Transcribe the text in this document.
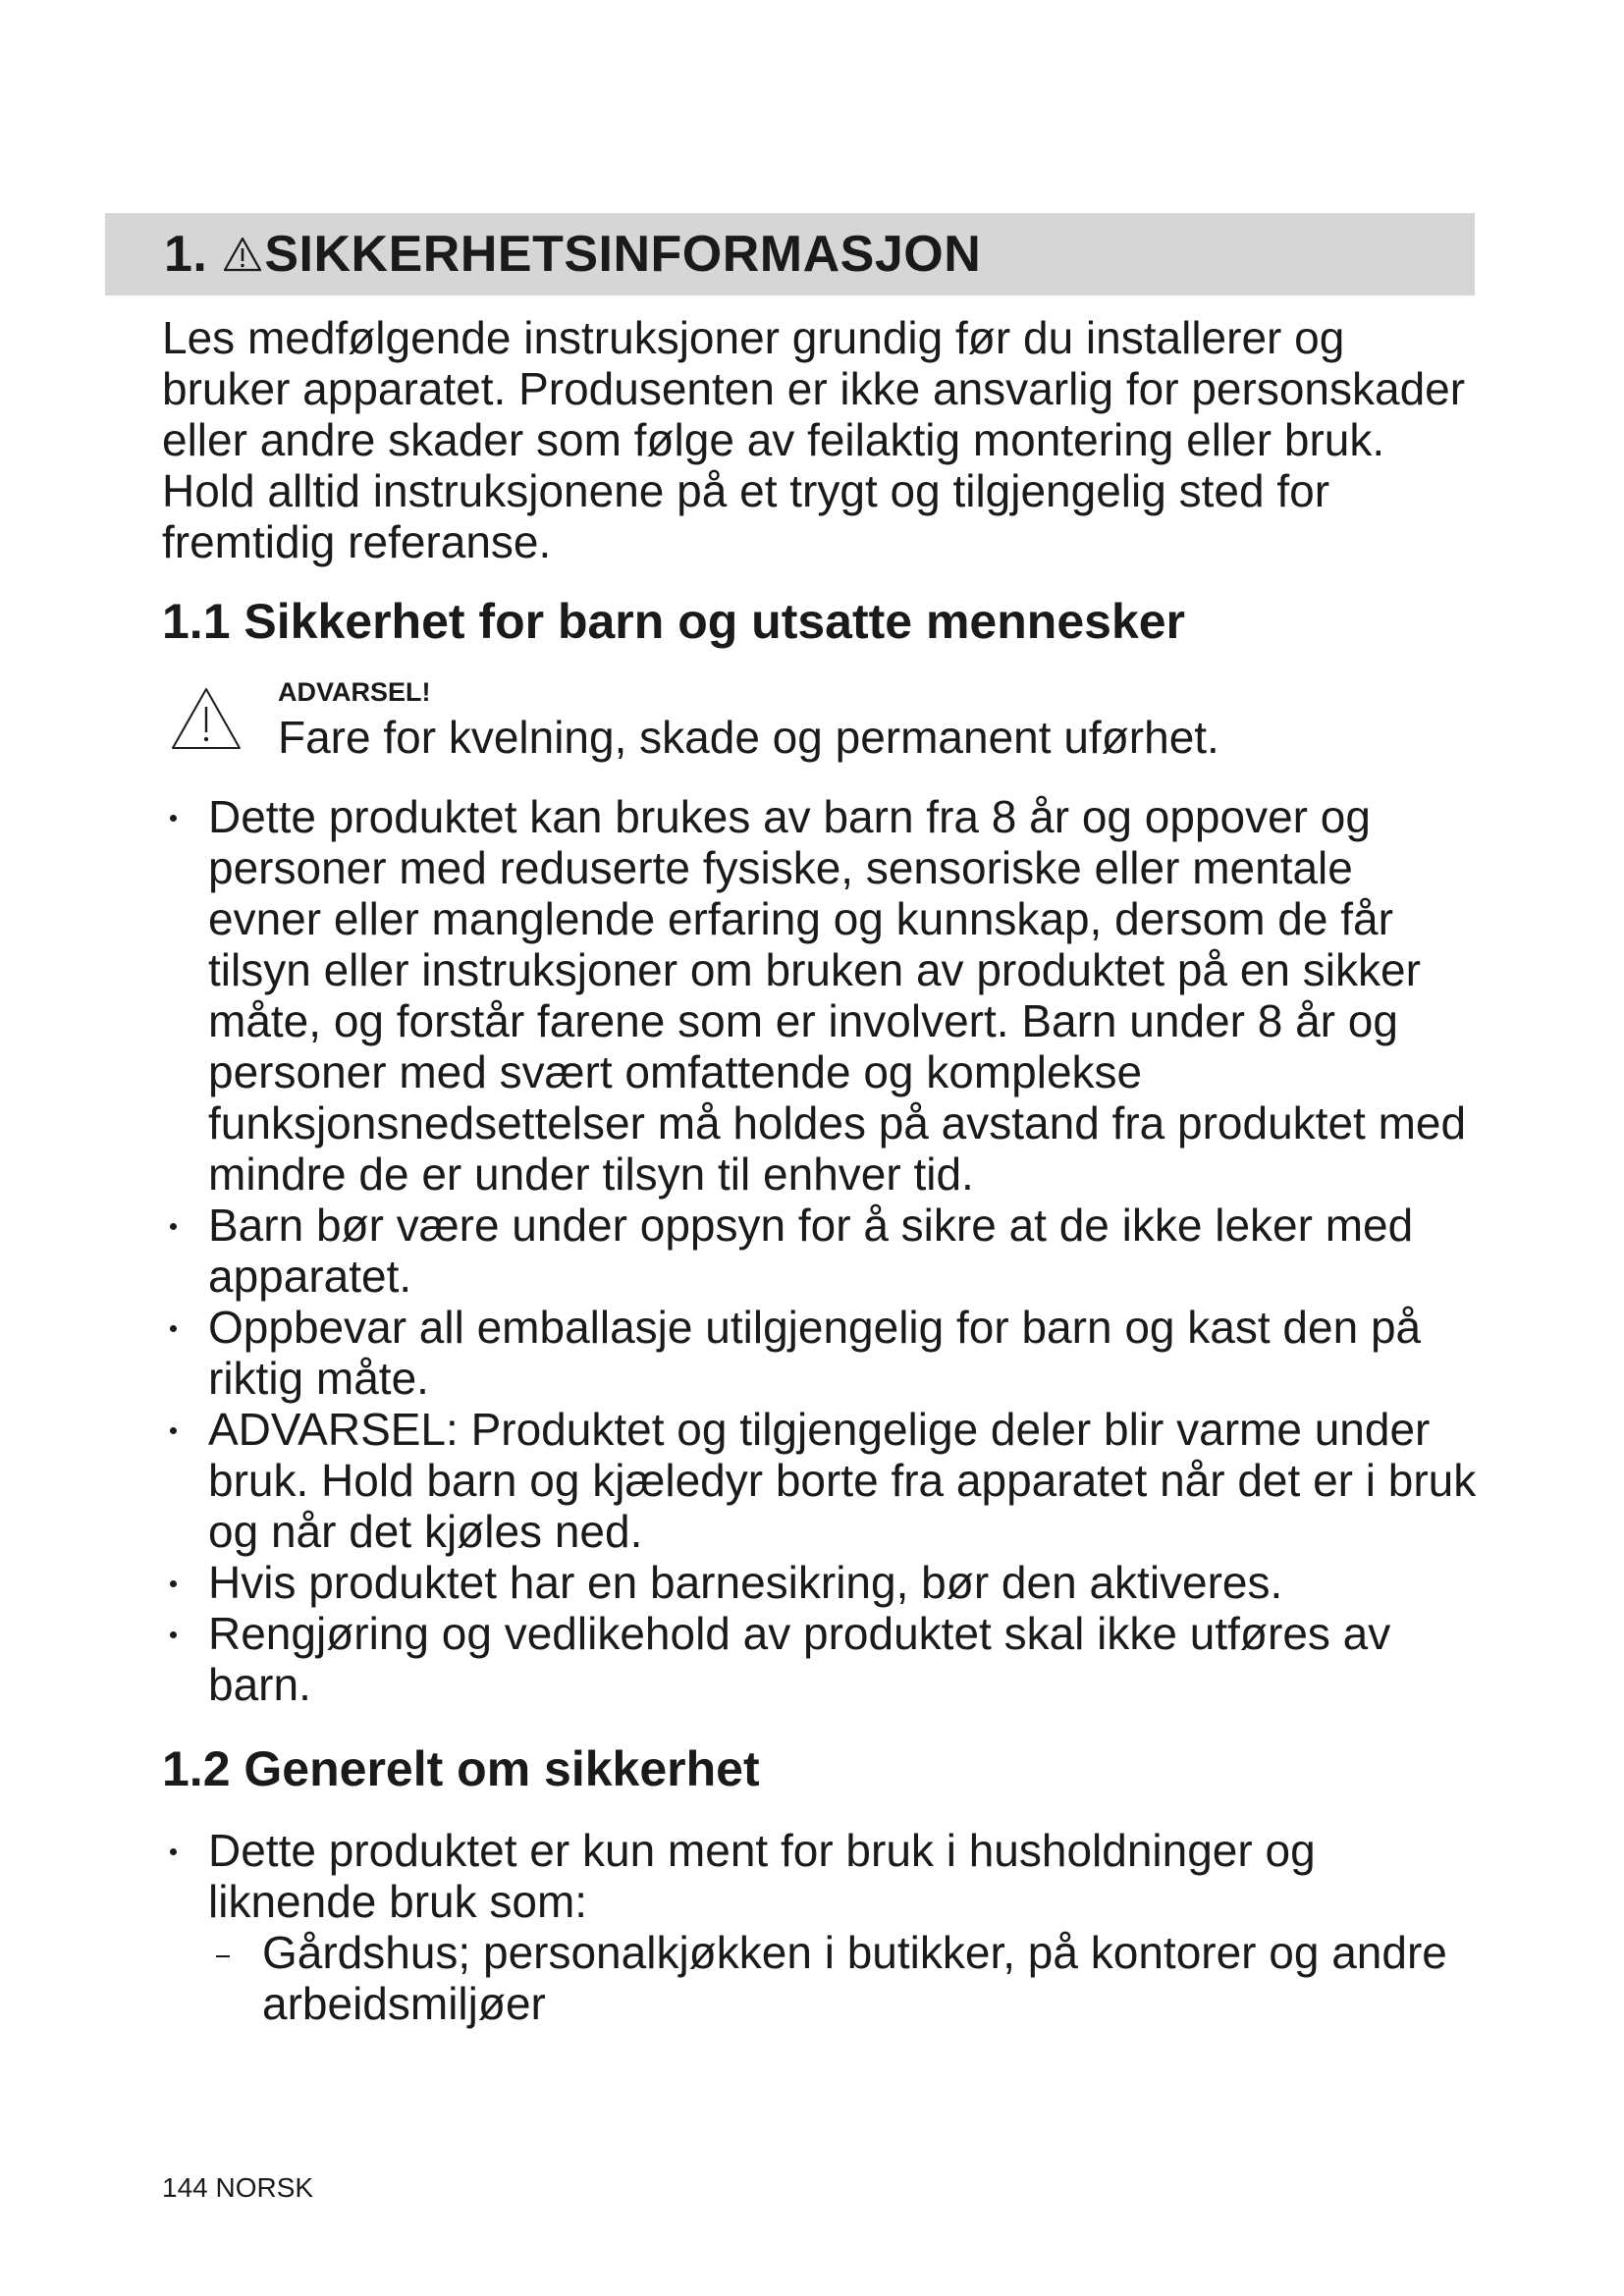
1. SIKKERHETSINFORMASJON

Les medfølgende instruksjoner grundig før du installerer og bruker apparatet. Produsenten er ikke ansvarlig for personskader eller andre skader som følge av feilaktig montering eller bruk. Hold alltid instruksjonene på et trygt og tilgjengelig sted for fremtidig referanse.

1.1 Sikkerhet for barn og utsatte mennesker
ADVARSEL!
Fare for kvelning, skade og permanent uførhet.
Dette produktet kan brukes av barn fra 8 år og oppover og personer med reduserte fysiske, sensoriske eller mentale evner eller manglende erfaring og kunnskap, dersom de får tilsyn eller instruksjoner om bruken av produktet på en sikker måte, og forstår farene som er involvert. Barn under 8 år og personer med svært omfattende og komplekse funksjonsnedsettelser må holdes på avstand fra produktet med mindre de er under tilsyn til enhver tid.
Barn bør være under oppsyn for å sikre at de ikke leker med apparatet.
Oppbevar all emballasje utilgjengelig for barn og kast den på riktig måte.
ADVARSEL: Produktet og tilgjengelige deler blir varme under bruk. Hold barn og kjæledyr borte fra apparatet når det er i bruk og når det kjøles ned.
Hvis produktet har en barnesikring, bør den aktiveres.
Rengjøring og vedlikehold av produktet skal ikke utføres av barn.
1.2 Generelt om sikkerhet
Dette produktet er kun ment for bruk i husholdninger og liknende bruk som:
Gårdshus; personalkjøkken i butikker, på kontorer og andre arbeidsmiljøer
144 NORSK
